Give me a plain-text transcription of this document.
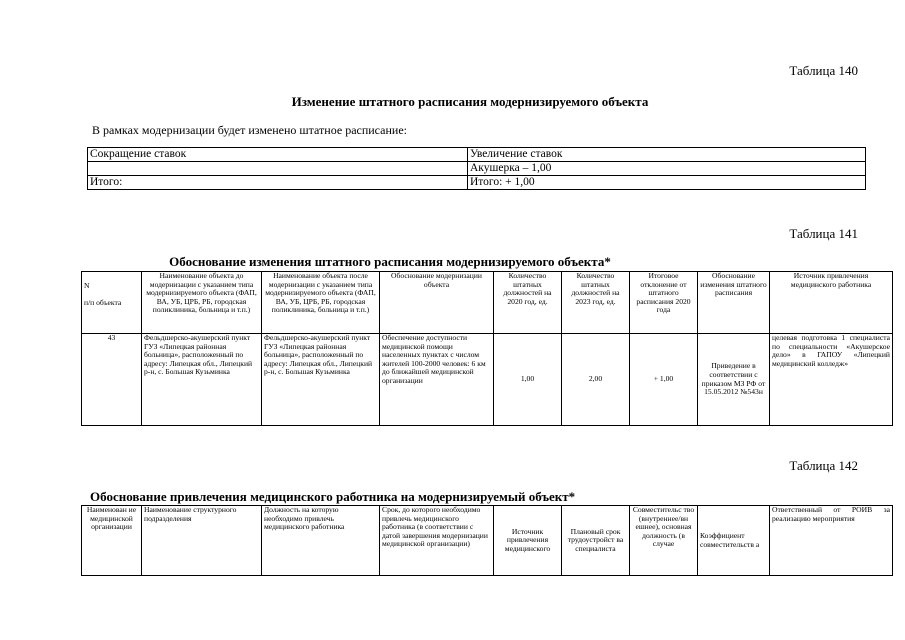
Таблица 140
Изменение штатного расписания модернизируемого объекта
В рамках модернизации будет изменено штатное расписание:
Сокращение ставок	Увеличение ставок
	Акушерка – 1,00
Итого:	Итого: + 1,00
Таблица 141
Обоснование изменения штатного расписания модернизируемого объекта*
N
п/п объекта	Наименование объекта до модернизации с указанием типа модернизируемого объекта (ФАП, ВА, УБ, ЦРБ, РБ, городская поликлиника, больница и т.п.)	Наименование объекта после модернизации с указанием типа модернизируемого объекта (ФАП, ВА, УБ, ЦРБ, РБ, городская поликлиника, больница и т.п.)	Обоснование модернизации объекта	Количество штатных должностей на 2020 год, ед.	Количество штатных должностей на 2023 год, ед.	Итоговое отклонение от штатного расписания 2020 года	Обоснование изменения штатного расписания	Источник привлечения медицинского работника
43	Фельдшерско-акушерский пункт ГУЗ «Липецкая районная больница», расположенный по адресу: Липецкая обл., Липецкий р-н, с. Большая Кузьминка	Фельдшерско-акушерский пункт ГУЗ «Липецкая районная больница», расположенный по адресу: Липецкая обл., Липецкий р-н, с. Большая Кузьминка	Обеспечение доступности медицинской помощи населенных пунктах с числом жителей 100-2000 человек: 6 км до ближайшей медицинской организации	1,00	2,00	+ 1,00	Приведение в соответствии с приказом МЗ РФ от 15.05.2012 №543н	целевая подготовка 1 специалиста по специальности «Акушерское дело» в ГАПОУ «Липецкий медицинский колледж»
Таблица 142
Обоснование привлечения медицинского работника на модернизируемый объект*
Наименован ие медицинской организации	Наименование структурного подразделения	Должность на которую необходимо привлечь медицинского работника	Срок, до которого необходимо привлечь медицинского работника (в соответствии с датой завершения модернизации медицинской организации)	Источник привлечения медицинского	Плановый срок трудоустройст ва специалиста	Совместительс тво (внутреннее/вн ешнее), основная должность (в случае	Коэффициент совместительств а	Ответственный от РОИВ за реализацию мероприятия
